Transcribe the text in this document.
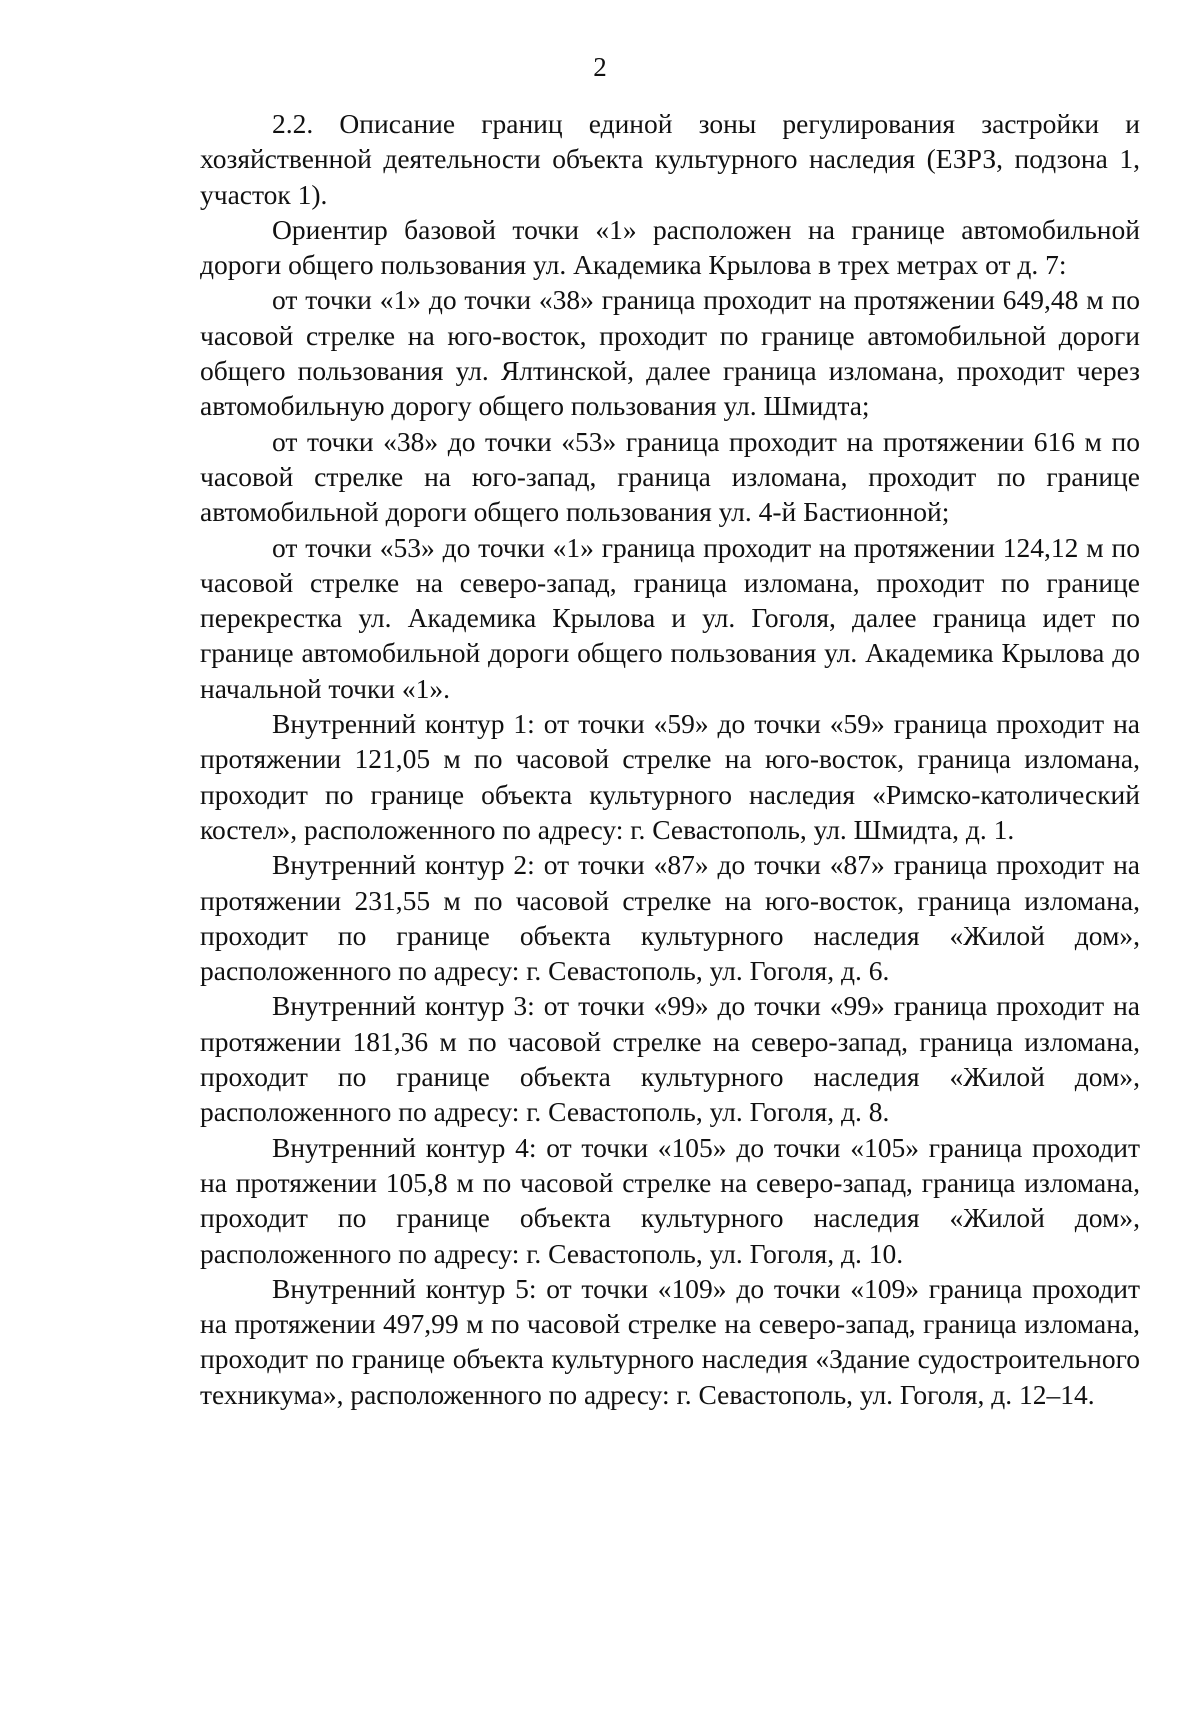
2

2.2. Описание границ единой зоны регулирования застройки и хозяйственной деятельности объекта культурного наследия (ЕЗРЗ, подзона 1, участок 1).

Ориентир базовой точки «1» расположен на границе автомобильной дороги общего пользования ул. Академика Крылова в трех метрах от д. 7:

от точки «1» до точки «38» граница проходит на протяжении 649,48 м по часовой стрелке на юго-восток, проходит по границе автомобильной дороги общего пользования ул. Ялтинской, далее граница изломана, проходит через автомобильную дорогу общего пользования ул. Шмидта;

от точки «38» до точки «53» граница проходит на протяжении 616 м по часовой стрелке на юго-запад, граница изломана, проходит по границе автомобильной дороги общего пользования ул. 4-й Бастионной;

от точки «53» до точки «1» граница проходит на протяжении 124,12 м по часовой стрелке на северо-запад, граница изломана, проходит по границе перекрестка ул. Академика Крылова и ул. Гоголя, далее граница идет по границе автомобильной дороги общего пользования ул. Академика Крылова до начальной точки «1».

Внутренний контур 1: от точки «59» до точки «59» граница проходит на протяжении 121,05 м по часовой стрелке на юго-восток, граница изломана, проходит по границе объекта культурного наследия «Римско-католический костел», расположенного по адресу: г. Севастополь, ул. Шмидта, д. 1.

Внутренний контур 2: от точки «87» до точки «87» граница проходит на протяжении 231,55 м по часовой стрелке на юго-восток, граница изломана, проходит по границе объекта культурного наследия «Жилой дом», расположенного по адресу: г. Севастополь, ул. Гоголя, д. 6.

Внутренний контур 3: от точки «99» до точки «99» граница проходит на протяжении 181,36 м по часовой стрелке на северо-запад, граница изломана, проходит по границе объекта культурного наследия «Жилой дом», расположенного по адресу: г. Севастополь, ул. Гоголя, д. 8.

Внутренний контур 4: от точки «105» до точки «105» граница проходит на протяжении 105,8 м по часовой стрелке на северо-запад, граница изломана, проходит по границе объекта культурного наследия «Жилой дом», расположенного по адресу: г. Севастополь, ул. Гоголя, д. 10.

Внутренний контур 5: от точки «109» до точки «109» граница проходит на протяжении 497,99 м по часовой стрелке на северо-запад, граница изломана, проходит по границе объекта культурного наследия «Здание судостроительного техникума», расположенного по адресу: г. Севастополь, ул. Гоголя, д. 12–14.
